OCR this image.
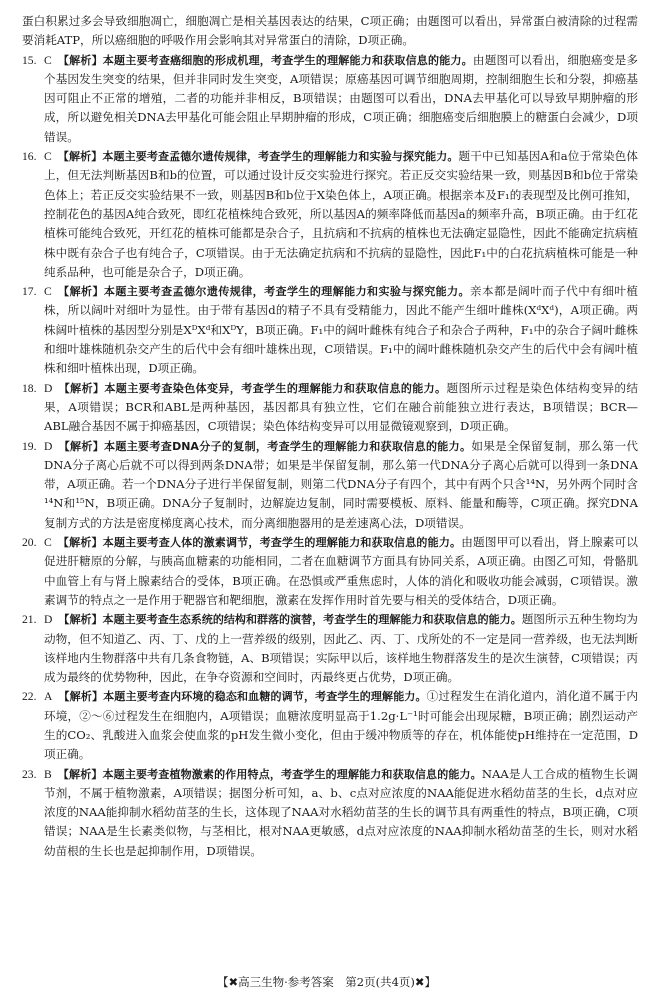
蛋白积累过多会导致细胞凋亡，细胞凋亡是相关基因表达的结果，C项正确；由题图可以看出，异常蛋白被清除的过程需要消耗ATP，所以癌细胞的呼吸作用会影响其对异常蛋白的清除，D项正确。

15. C 【解析】本题主要考查癌细胞的形成机理，考查学生的理解能力和获取信息的能力。由题图可以看出，细胞癌变是多个基因发生突变的结果，但并非同时发生突变，A项错误；原癌基因可调节细胞周期，控制细胞生长和分裂，抑癌基因可阻止不正常的增殖，二者的功能并非相反，B项错误；由题图可以看出，DNA去甲基化可以导致早期肿瘤的形成，所以避免相关DNA去甲基化可能会阻止早期肿瘤的形成，C项正确；细胞癌变后细胞膜上的糖蛋白会减少，D项错误。

16. C 【解析】本题主要考查孟德尔遗传规律，考查学生的理解能力和实验与探究能力。题干中已知基因A和a位于常染色体上，但无法判断基因B和b的位置，可以通过设计反交实验进行探究。若正反交实验结果一致，则基因B和b位于常染色体上；若正反交实验结果不一致，则基因B和b位于X染色体上，A项正确。根据亲本及F₁的表现型及比例可推知，控制花色的基因A纯合致死，即红花植株纯合致死，所以基因A的频率降低而基因a的频率升高，B项正确。由于红花植株可能纯合致死，开红花的植株可能都是杂合子，且抗病和不抗病的植株也无法确定显隐性，因此不能确定抗病植株中既有杂合子也有纯合子，C项错误。由于无法确定抗病和不抗病的显隐性，因此F₁中的白花抗病植株可能是一种纯系品种，也可能是杂合子，D项正确。

17. C 【解析】本题主要考查孟德尔遗传规律，考查学生的理解能力和实验与探究能力。亲本都是阔叶而子代中有细叶植株，所以阔叶对细叶为显性。由于带有基因d的精子不具有受精能力，因此不能产生细叶雌株(XᵈXᵈ)，A项正确。两株阔叶植株的基因型分别是XᴰXᵈ和XᴰY，B项正确。F₁中的阔叶雌株有纯合子和杂合子两种，F₁中的杂合子阔叶雌株和细叶雄株随机杂交产生的后代中会有细叶雄株出现，C项错误。F₁中的阔叶雌株随机杂交产生的后代中会有阔叶植株和细叶植株出现，D项正确。

18. D 【解析】本题主要考查染色体变异，考查学生的理解能力和获取信息的能力。题图所示过程是染色体结构变异的结果，A项错误；BCR和ABL是两种基因，基因都具有独立性，它们在融合前能独立进行表达，B项错误；BCR—ABL融合基因不属于抑癌基因，C项错误；染色体结构变异可以用显微镜观察到，D项正确。

19. D 【解析】本题主要考查DNA分子的复制，考查学生的理解能力和获取信息的能力。如果是全保留复制，那么第一代DNA分子离心后就不可以得到两条DNA带；如果是半保留复制，那么第一代DNA分子离心后就可以得到一条DNA带，A项正确。若一个DNA分子进行半保留复制，则第二代DNA分子有四个，其中有两个只含¹⁴N，另外两个同时含¹⁴N和¹⁵N，B项正确。DNA分子复制时，边解旋边复制，同时需要模板、原料、能量和酶等，C项正确。探究DNA复制方式的方法是密度梯度离心技术，而分离细胞器用的是差速离心法，D项错误。

20. C 【解析】本题主要考查人体的激素调节，考查学生的理解能力和获取信息的能力。由题图甲可以看出，肾上腺素可以促进肝糖原的分解，与胰高血糖素的功能相同，二者在血糖调节方面具有协同关系，A项正确。由图乙可知，骨骼肌中血管上有与肾上腺素结合的受体，B项正确。在恐惧或严重焦虑时，人体的消化和吸收功能会减弱，C项错误。激素调节的特点之一是作用于靶器官和靶细胞，激素在发挥作用时首先要与相关的受体结合，D项正确。

21. D 【解析】本题主要考查生态系统的结构和群落的演替，考查学生的理解能力和获取信息的能力。题图所示五种生物均为动物，但不知道乙、丙、丁、戊的上一营养级的级别，因此乙、丙、丁、戊所处的不一定是同一营养级，也无法判断该样地内生物群落中共有几条食物链，A、B项错误；实际甲以后，该样地生物群落发生的是次生演替，C项错误；丙成为最终的优势物种，因此，在争夺资源和空间时，丙最终更占优势，D项正确。

22. A 【解析】本题主要考查内环境的稳态和血糖的调节，考查学生的理解能力。①过程发生在消化道内，消化道不属于内环境，②～⑥过程发生在细胞内，A项错误；血糖浓度明显高于1.2g·L⁻¹时可能会出现尿糖，B项正确；剧烈运动产生的CO₂、乳酸进入血浆会使血浆的pH发生微小变化，但由于缓冲物质等的存在，机体能使pH维持在一定范围，D项正确。

23. B 【解析】本题主要考查植物激素的作用特点，考查学生的理解能力和获取信息的能力。NAA是人工合成的植物生长调节剂，不属于植物激素，A项错误；据图分析可知，a、b、c点对应浓度的NAA能促进水稻幼苗茎的生长，d点对应浓度的NAA能抑制水稻幼苗茎的生长，这体现了NAA对水稻幼苗茎的生长的调节具有两重性的特点，B项正确，C项错误；NAA是生长素类似物，与茎相比，根对NAA更敏感，d点对应浓度的NAA抑制水稻幼苗茎的生长，则对水稻幼苗根的生长也是起抑制作用，D项错误。

【✖高三生物·参考答案　第2页(共4页)✖】
